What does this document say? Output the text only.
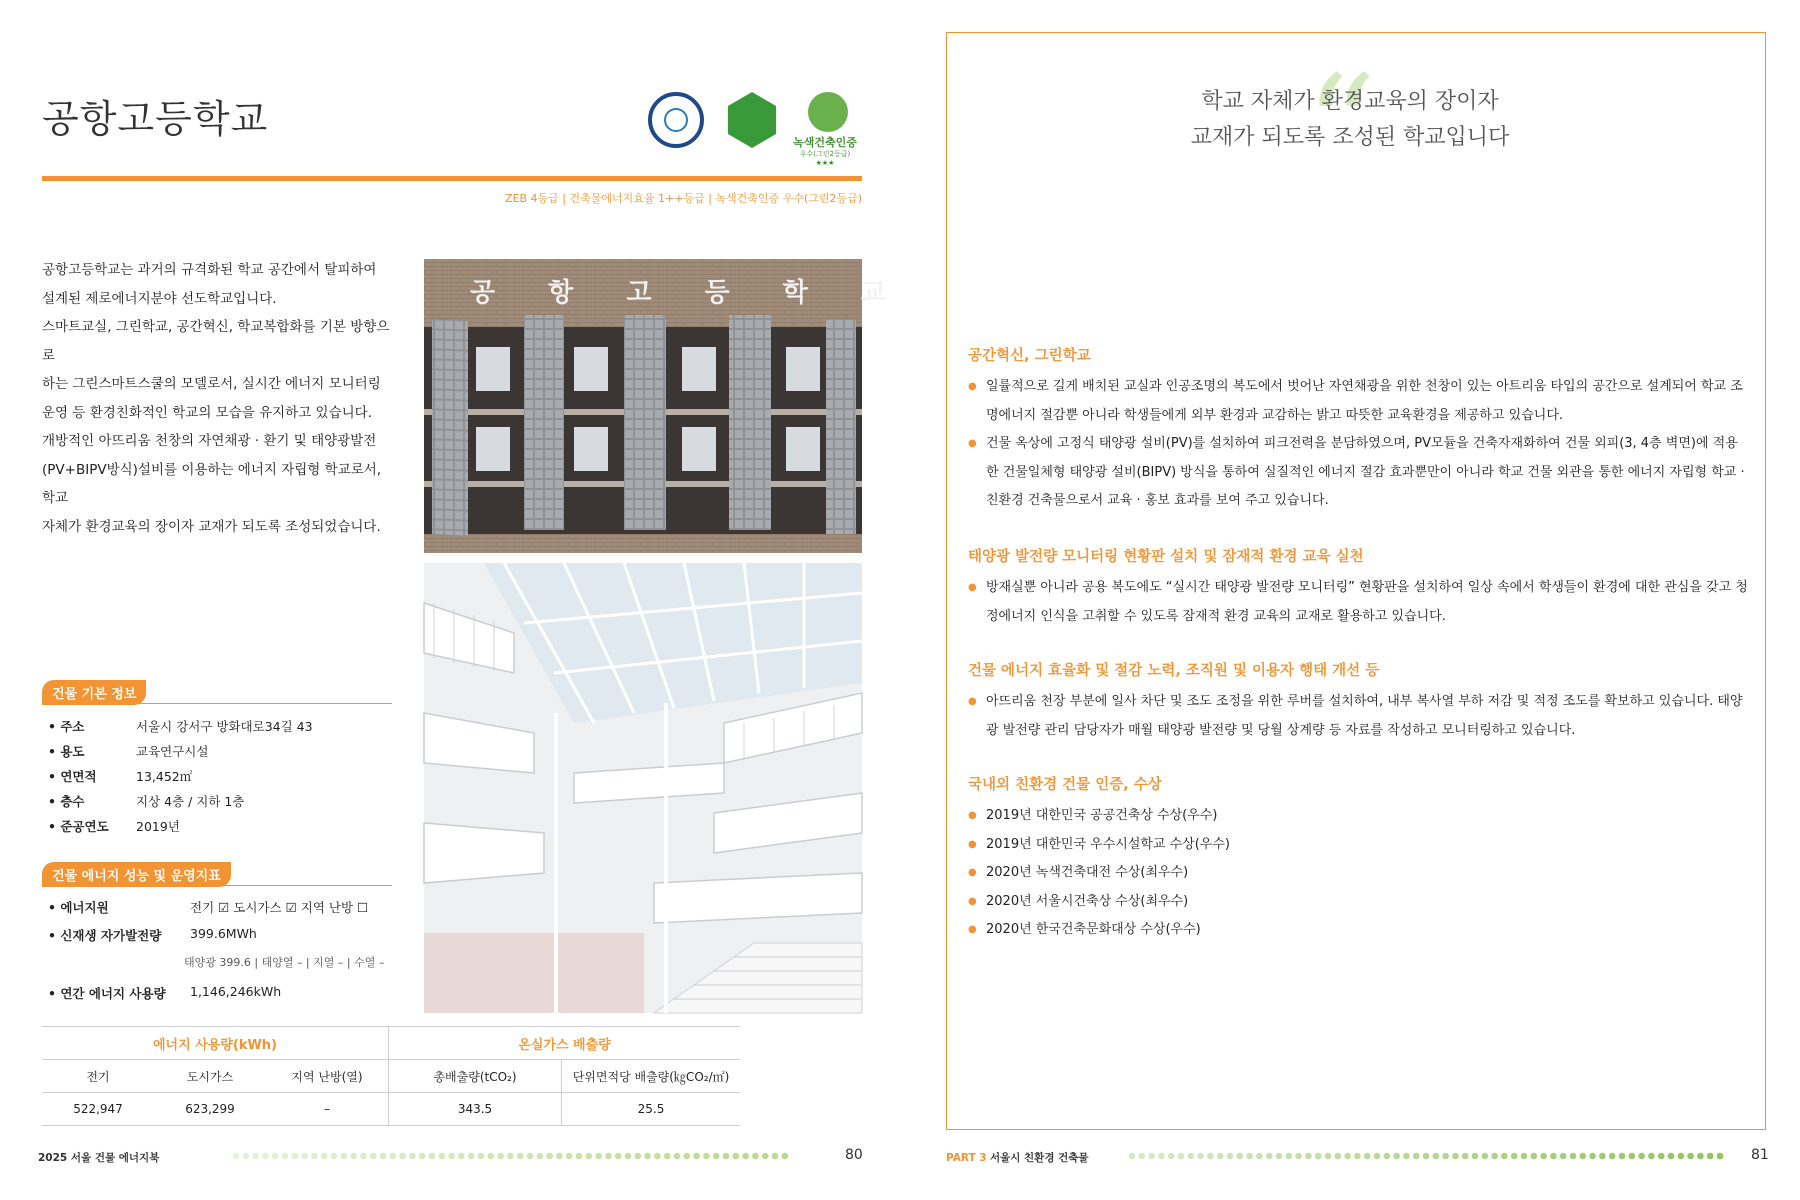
공항고등학교
녹색건축인증
우수(그린2등급) ★★★
ZEB 4등급 | 건축물에너지효율 1++등급 | 녹색건축인증 우수(그린2등급)

공항고등학교는 과거의 규격화된 학교 공간에서 탈피하여

설계된 제로에너지분야 선도학교입니다.

스마트교실, 그린학교, 공간혁신, 학교복합화를 기본 방향으로

하는 그린스마트스쿨의 모델로서, 실시간 에너지 모니터링

운영 등 환경친화적인 학교의 모습을 유지하고 있습니다.

개방적인 아뜨리움 천창의 자연채광 · 환기 및 태양광발전

(PV+BIPV방식)설비를 이용하는 에너지 자립형 학교로서, 학교

자체가 환경교육의 장이자 교재가 되도록 조성되었습니다.

공 항 고 등 학 교
건물 기본 정보
• 주소	서울시 강서구 방화대로34길 43
• 용도	교육연구시설
• 연면적	13,452㎡
• 층수	지상 4층 / 지하 1층
• 준공연도 2019년
건물 에너지 성능 및 운영지표
• 에너지원	전기 ☑ 도시가스 ☑ 지역 난방 ☐
• 신재생 자가발전량 399.6MWh
태양광 399.6 | 태양열 – | 지열 – | 수열 –
• 연간 에너지 사용량 1,146,246kWh
에너지 사용량(kWh)			온실가스 배출량	
전기	도시가스	지역 난방(열)	총배출량(tCO₂)	단위면적당 배출량(㎏CO₂/㎡)
522,947	623,299	–	343.5	25.5
2025 서울 건물 에너지북	80
“
학교 자체가 환경교육의 장이자
교재가 되도록 조성된 학교입니다
공간혁신, 그린학교
● 일률적으로 길게 배치된 교실과 인공조명의 복도에서 벗어난 자연채광을 위한 천창이 있는 아트리움 타입의 공간으로 설계되어 학교 조명에너지 절감뿐 아니라 학생들에게 외부 환경과 교감하는 밝고 따뜻한 교육환경을 제공하고 있습니다.
● 건물 옥상에 고정식 태양광 설비(PV)를 설치하여 피크전력을 분담하였으며, PV모듈을 건축자재화하여 건물 외피(3, 4층 벽면)에 적용한 건물일체형 태양광 설비(BIPV) 방식을 통하여 실질적인 에너지 절감 효과뿐만이 아니라 학교 건물 외관을 통한 에너지 자립형 학교 · 친환경 건축물으로서 교육 · 홍보 효과를 보여 주고 있습니다.
태양광 발전량 모니터링 현황판 설치 및 잠재적 환경 교육 실천
● 방재실뿐 아니라 공용 복도에도 “실시간 태양광 발전량 모니터링” 현황판을 설치하여 일상 속에서 학생들이 환경에 대한 관심을 갖고 청정에너지 인식을 고취할 수 있도록 잠재적 환경 교육의 교재로 활용하고 있습니다.
건물 에너지 효율화 및 절감 노력, 조직원 및 이용자 행태 개선 등
● 아뜨리움 천장 부분에 일사 차단 및 조도 조정을 위한 루버를 설치하여, 내부 복사열 부하 저감 및 적정 조도를 확보하고 있습니다. 태양광 발전량 관리 담당자가 매월 태양광 발전량 및 당월 상계량 등 자료를 작성하고 모니터링하고 있습니다.
국내외 친환경 건물 인증, 수상
● 2019년 대한민국 공공건축상 수상(우수)
● 2019년 대한민국 우수시설학교 수상(우수)
● 2020년 녹색건축대전 수상(최우수)
● 2020년 서울시건축상 수상(최우수)
● 2020년 한국건축문화대상 수상(우수)
PART 3 서울시 친환경 건축물	81
